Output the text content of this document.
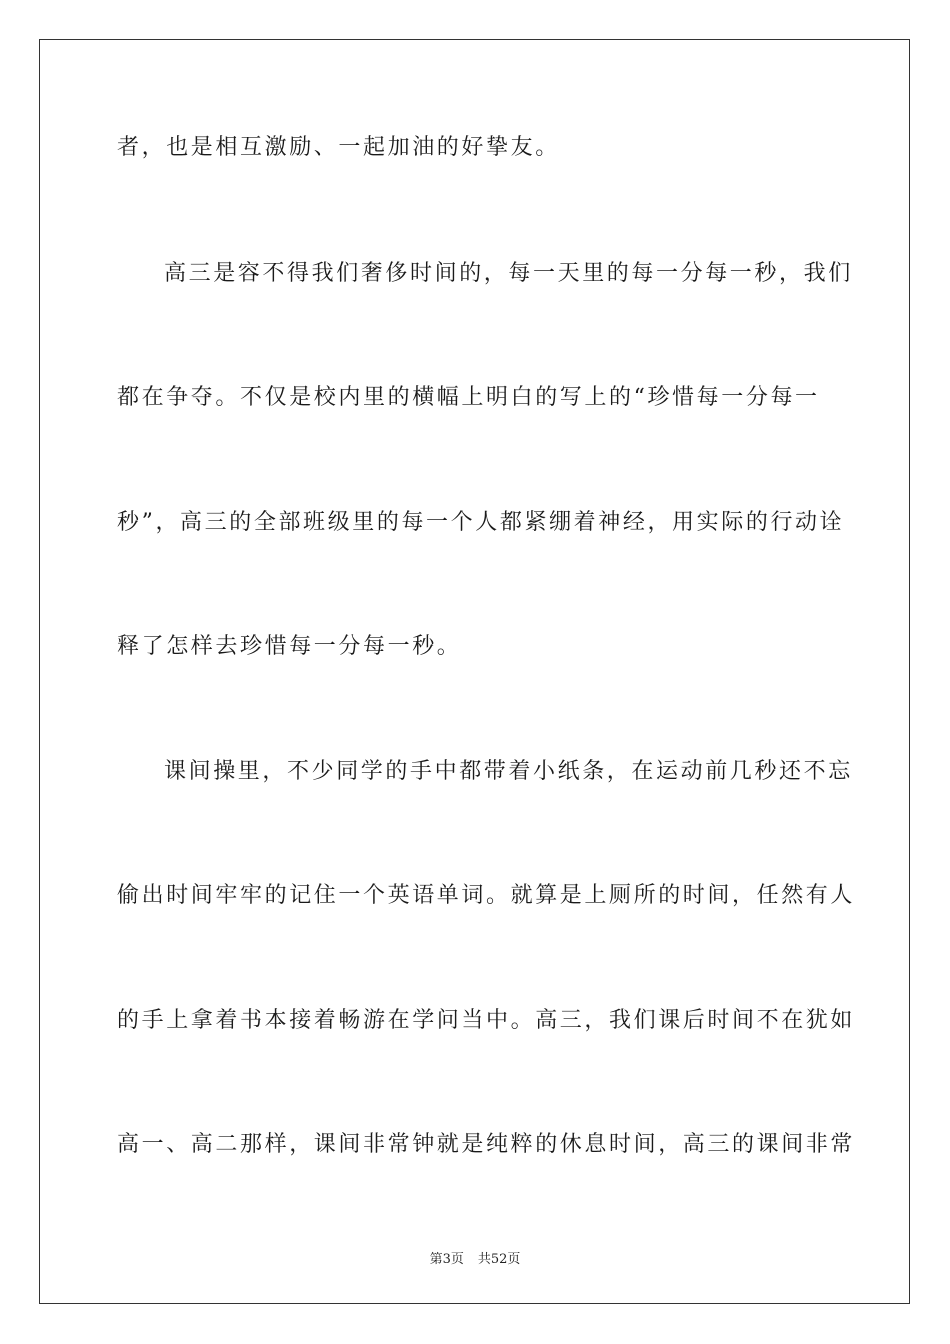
者，也是相互激励、一起加油的好挚友。
高三是容不得我们奢侈时间的，每一天里的每一分每一秒，我们
都在争夺。不仅是校内里的横幅上明白的写上的“珍惜每一分每一
秒”，高三的全部班级里的每一个人都紧绷着神经，用实际的行动诠
释了怎样去珍惜每一分每一秒。
课间操里，不少同学的手中都带着小纸条，在运动前几秒还不忘
偷出时间牢牢的记住一个英语单词。就算是上厕所的时间，任然有人
的手上拿着书本接着畅游在学问当中。高三，我们课后时间不在犹如
高一、高二那样，课间非常钟就是纯粹的休息时间，高三的课间非常
第3页 共52页
